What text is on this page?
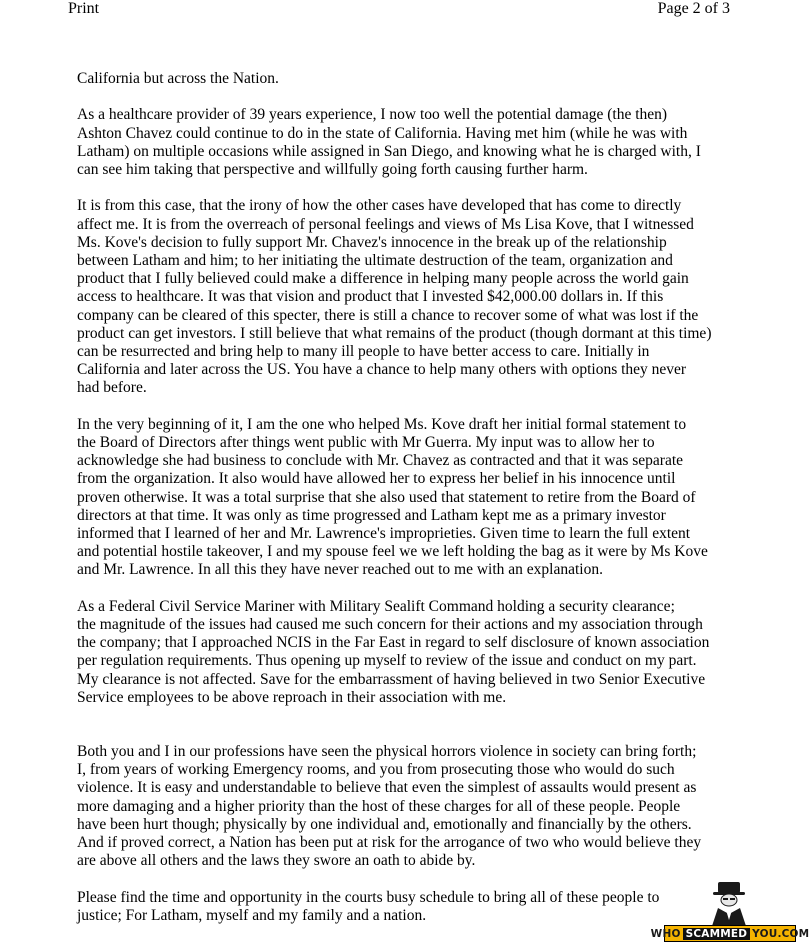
Print	Page 2 of 3

California but across the Nation.

As a healthcare provider of 39 years experience, I now too well the potential damage (the then)
Ashton Chavez could continue to do in the state of California. Having met him (while he was with
Latham) on multiple occasions while assigned in San Diego, and knowing what he is charged with, I
can see him taking that perspective and willfully going forth causing further harm.

It is from this case, that the irony of how the other cases have developed that has come to directly
affect me. It is from the overreach of personal feelings and views of Ms Lisa Kove, that I witnessed
Ms. Kove's decision to fully support Mr. Chavez's innocence in the break up of the relationship
between Latham and him; to her initiating the ultimate destruction of the team, organization and
product that I fully believed could make a difference in helping many people across the world gain
access to healthcare. It was that vision and product that I invested $42,000.00 dollars in. If this
company can be cleared of this specter, there is still a chance to recover some of what was lost if the
product can get investors. I still believe that what remains of the product (though dormant at this time)
can be resurrected and bring help to many ill people to have better access to care. Initially in
California and later across the US. You have a chance to help many others with options they never
had before.

In the very beginning of it, I am the one who helped Ms. Kove draft her initial formal statement to
the Board of Directors after things went public with Mr Guerra. My input was to allow her to
acknowledge she had business to conclude with Mr. Chavez as contracted and that it was separate
from the organization. It also would have allowed her to express her belief in his innocence until
proven otherwise. It was a total surprise that she also used that statement to retire from the Board of
directors at that time. It was only as time progressed and Latham kept me as a primary investor
informed that I learned of her and Mr. Lawrence's improprieties. Given time to learn the full extent
and potential hostile takeover, I and my spouse feel we we left holding the bag as it were by Ms Kove
and Mr. Lawrence. In all this they have never reached out to me with an explanation.

As a Federal Civil Service Mariner with Military Sealift Command holding a security clearance;
the magnitude of the issues had caused me such concern for their actions and my association through
the company; that I approached NCIS in the Far East in regard to self disclosure of known association
per regulation requirements. Thus opening up myself to review of the issue and conduct on my part.
My clearance is not affected. Save for the embarrassment of having believed in two Senior Executive
Service employees to be above reproach in their association with me.

Both you and I in our professions have seen the physical horrors violence in society can bring forth;
I, from years of working Emergency rooms, and you from prosecuting those who would do such
violence. It is easy and understandable to believe that even the simplest of assaults would present as
more damaging and a higher priority than the host of these charges for all of these people. People
have been hurt though; physically by one individual and, emotionally and financially by the others.
And if proved correct, a Nation has been put at risk for the arrogance of two who would believe they
are above all others and the laws they swore an oath to abide by.

Please find the time and opportunity in the courts busy schedule to bring all of these people to
justice; For Latham, myself and my family and a nation.

WHO SCAMMED YOU.COM
